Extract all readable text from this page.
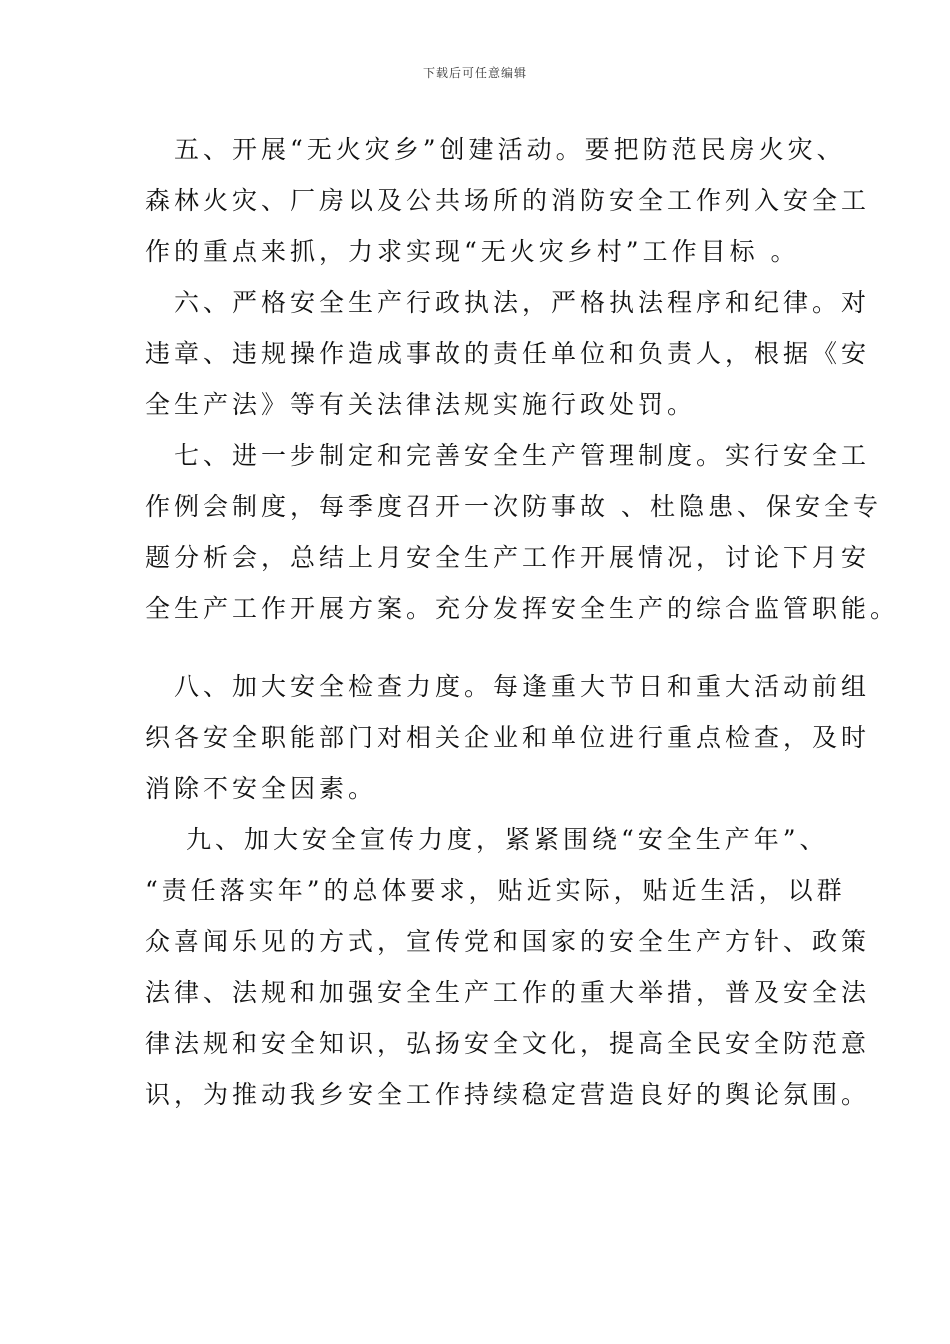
下载后可任意编辑
　五、开展“无火灾乡”创建活动。要把防范民房火灾、
森林火灾、厂房以及公共场所的消防安全工作列入安全工
作的重点来抓，力求实现“无火灾乡村”工作目标 。
　六、严格安全生产行政执法，严格执法程序和纪律。对
违章、违规操作造成事故的责任单位和负责人，根据《安
全生产法》等有关法律法规实施行政处罚。
　七、进一步制定和完善安全生产管理制度。实行安全工
作例会制度，每季度召开一次防事故 、杜隐患、保安全专
题分析会，总结上月安全生产工作开展情况，讨论下月安
全生产工作开展方案。充分发挥安全生产的综合监管职能。
　八、加大安全检查力度。每逢重大节日和重大活动前组
织各安全职能部门对相关企业和单位进行重点检查，及时
消除不安全因素。
　 九、加大安全宣传力度，紧紧围绕“安全生产年”、
“责任落实年”的总体要求，贴近实际，贴近生活，以群
众喜闻乐见的方式，宣传党和国家的安全生产方针、政策
法律、法规和加强安全生产工作的重大举措，普及安全法
律法规和安全知识，弘扬安全文化，提高全民安全防范意
识，为推动我乡安全工作持续稳定营造良好的舆论氛围。
